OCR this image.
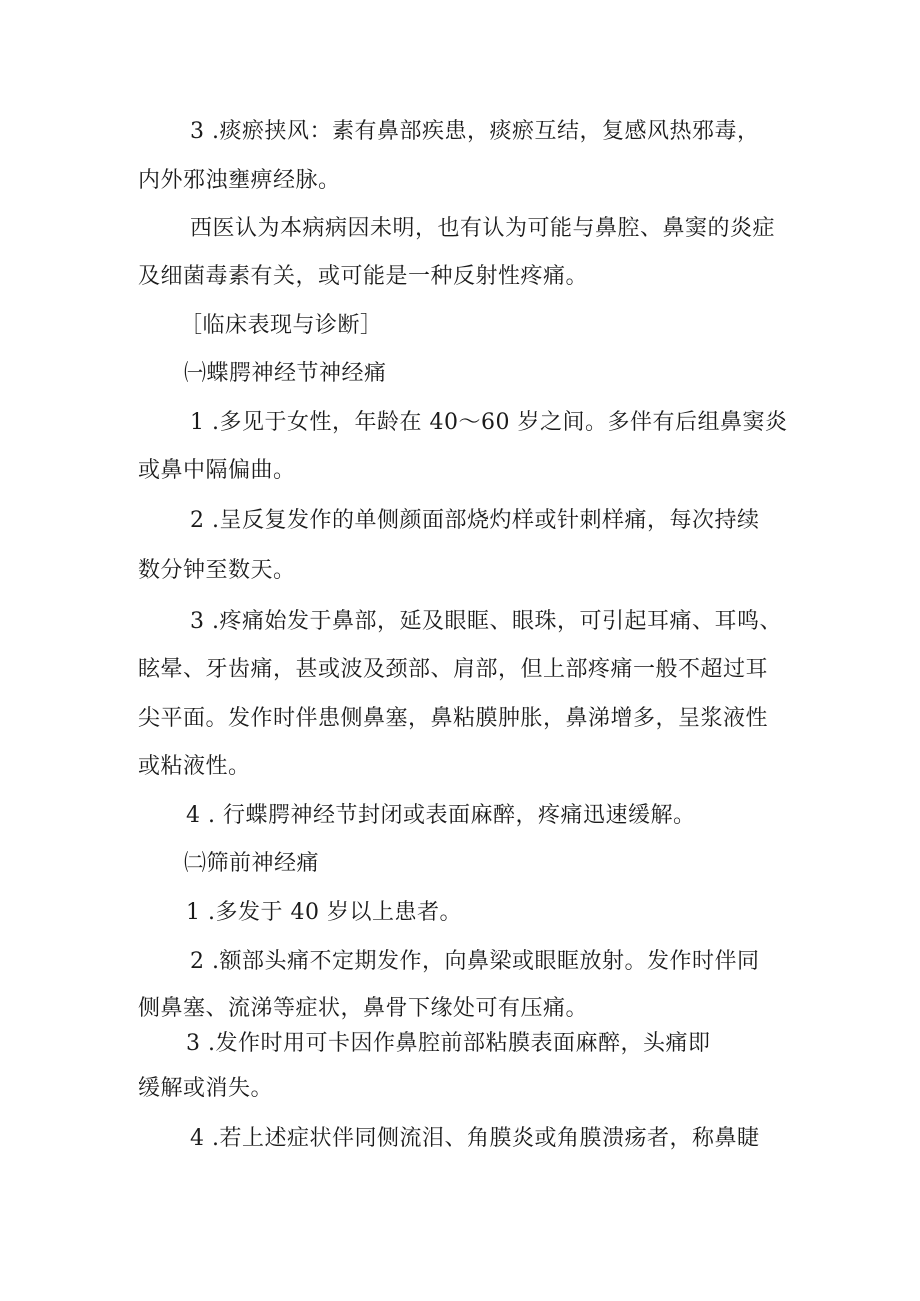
3 .痰瘀挟风：素有鼻部疾患，痰瘀互结，复感风热邪毒，
内外邪浊壅痹经脉。
西医认为本病病因未明，也有认为可能与鼻腔、鼻窦的炎症
及细菌毒素有关，或可能是一种反射性疼痛。
［临床表现与诊断］
㈠蝶腭神经节神经痛
1 .多见于女性，年龄在 40～60 岁之间。多伴有后组鼻窦炎
或鼻中隔偏曲。
2 .呈反复发作的单侧颜面部烧灼样或针刺样痛，每次持续
数分钟至数天。
3 .疼痛始发于鼻部，延及眼眶、眼珠，可引起耳痛、耳鸣、
眩晕、牙齿痛，甚或波及颈部、肩部，但上部疼痛一般不超过耳
尖平面。发作时伴患侧鼻塞，鼻粘膜肿胀，鼻涕增多，呈浆液性
或粘液性。
4 . 行蝶腭神经节封闭或表面麻醉，疼痛迅速缓解。
㈡筛前神经痛
1 .多发于 40 岁以上患者。
2 .额部头痛不定期发作，向鼻梁或眼眶放射。发作时伴同
侧鼻塞、流涕等症状，鼻骨下缘处可有压痛。
3 .发作时用可卡因作鼻腔前部粘膜表面麻醉，头痛即
缓解或消失。
4 .若上述症状伴同侧流泪、角膜炎或角膜溃疡者，称鼻睫
